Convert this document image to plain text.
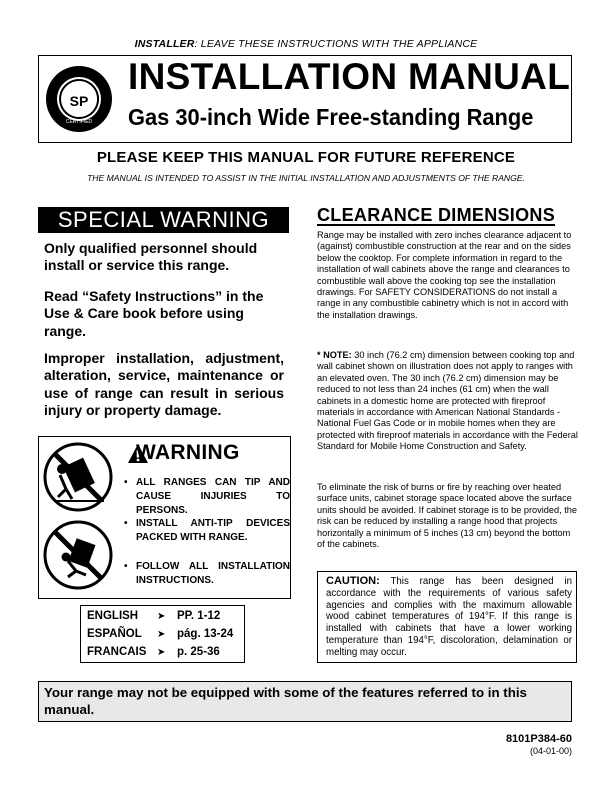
INSTALLER: LEAVE THESE INSTRUCTIONS WITH THE APPLIANCE
SP
CERTIFIED
INSTALLATION MANUAL
Gas 30-inch Wide Free-standing Range
PLEASE KEEP THIS MANUAL FOR FUTURE REFERENCE
THE MANUAL IS INTENDED TO ASSIST IN THE INITIAL INSTALLATION AND ADJUSTMENTS OF THE RANGE.
SPECIAL WARNING
Only qualified personnel should install or service this range.
Read “Safety Instructions” in the Use & Care book before using range.
Improper installation, adjustment, alteration, service, maintenance or use of range can result in serious injury or property damage.
WARNING
• ALL RANGES CAN TIP AND CAUSE INJURIES TO PERSONS.
• INSTALL ANTI-TIP DEVICES PACKED WITH RANGE.
• FOLLOW ALL INSTALLATION INSTRUCTIONS.
ENGLISH ➤ PP. 1-12
ESPAÑOL ➤ pág. 13-24
FRANCAIS ➤ p. 25-36
CLEARANCE DIMENSIONS
Range may be installed with zero inches clearance adjacent to (against) combustible construction at the rear and on the sides below the cooktop. For complete information in regard to the installation of wall cabinets above the range and clearances to combustible wall above the cooking top see the installation drawings. For SAFETY CONSIDERATIONS do not install a range in any combustible cabinetry which is not in accord with the installation drawings.
* NOTE: 30 inch (76.2 cm) dimension between cooking top and wall cabinet shown on illustration does not apply to ranges with an elevated oven. The 30 inch (76.2 cm) dimension may be reduced to not less than 24 inches (61 cm) when the wall cabinets in a domestic home are protected with fireproof materials in accordance with American National Standards - National Fuel Gas Code or in mobile homes when they are protected with fireproof materials in accordance with the Federal Standard for Mobile Home Construction and Safety.
To eliminate the risk of burns or fire by reaching over heated surface units, cabinet storage space located above the surface units should be avoided. If cabinet storage is to be provided, the risk can be reduced by installing a range hood that projects horizontally a minimum of 5 inches (13 cm) beyond the bottom of the cabinets.
CAUTION: This range has been designed in accordance with the requirements of various safety agencies and complies with the maximum allowable wood cabinet temperatures of 194°F. If this range is installed with cabinets that have a lower working temperature than 194°F, discoloration, delamination or melting may occur.
Your range may not be equipped with some of the features referred to in this manual.
8101P384-60
(04-01-00)
